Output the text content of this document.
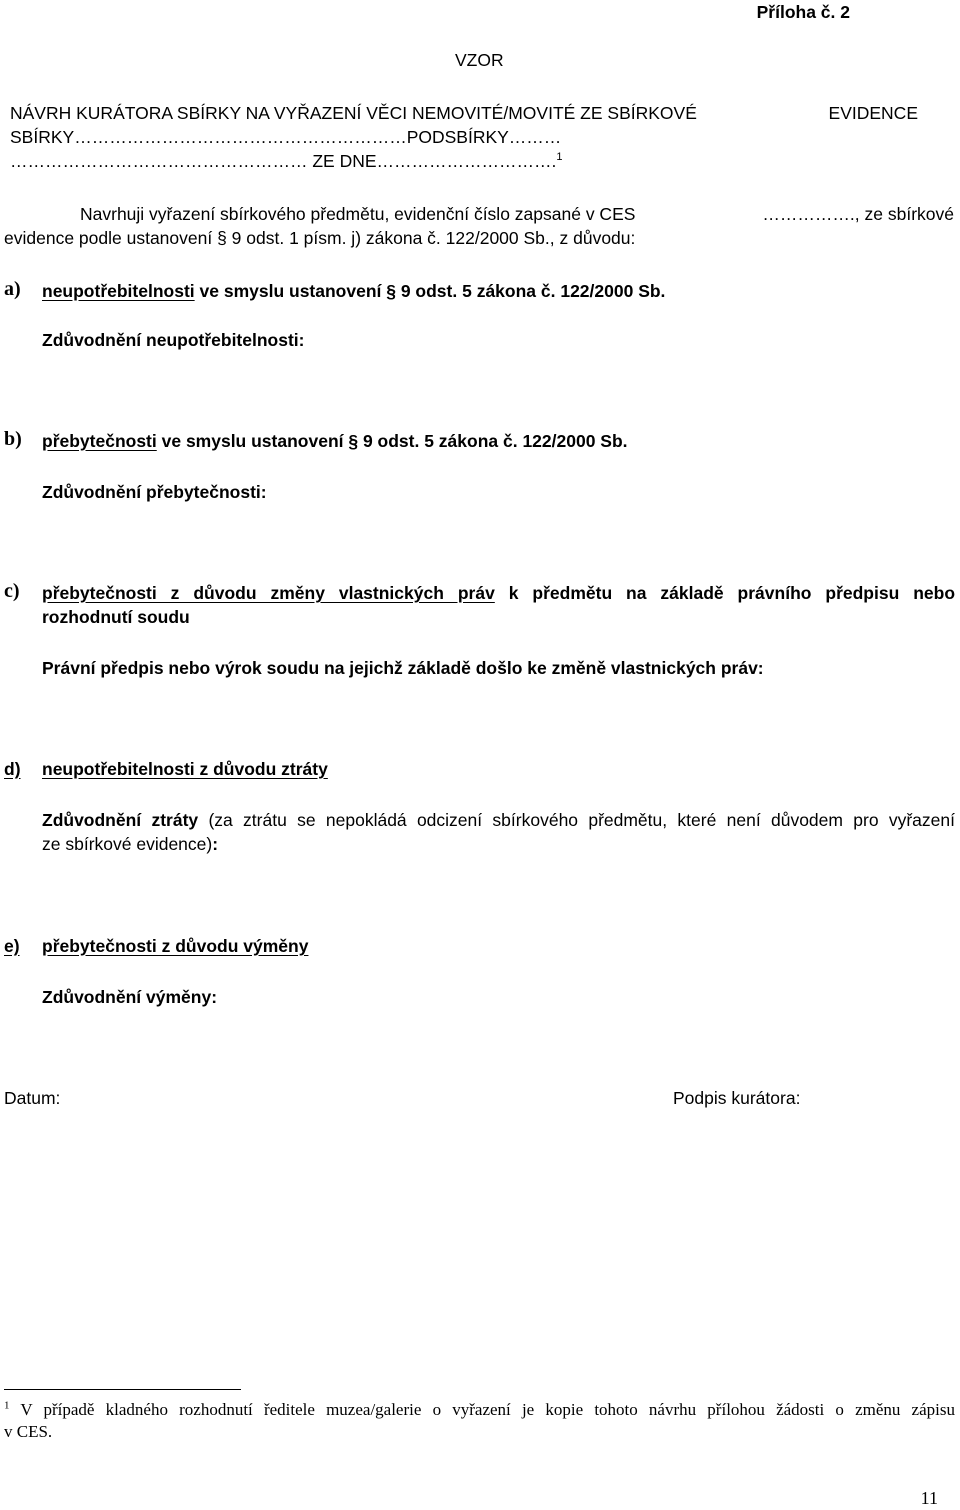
Příloha č. 2
VZOR
NÁVRH KURÁTORA SBÍRKY NA VYŘAZENÍ VĚCI NEMOVITÉ/MOVITÉ ZE SBÍRKOVÉ	EVIDENCE
SBÍRKY…………………………………………………PODSBÍRKY………
…………………………………………… ZE DNE………………………….$^1$
Navrhuji vyřazení sbírkového předmětu, evidenční číslo zapsané v CES	……………., ze sbírkové
evidence podle ustanovení § 9 odst. 1 písm. j) zákona č. 122/2000 Sb., z důvodu:
a) neupotřebitelnosti ve smyslu ustanovení § 9 odst. 5 zákona č. 122/2000 Sb.
Zdůvodnění neupotřebitelnosti:
b) přebytečnosti ve smyslu ustanovení § 9 odst. 5 zákona č. 122/2000 Sb.
Zdůvodnění přebytečnosti:
c) přebytečnosti z důvodu změny vlastnických práv k předmětu na základě právního předpisu nebo
rozhodnutí soudu
Právní předpis nebo výrok soudu na jejichž základě došlo ke změně vlastnických práv:
d) neupotřebitelnosti z důvodu ztráty
Zdůvodnění ztráty (za ztrátu se nepokládá odcizení sbírkového předmětu, které není důvodem pro vyřazení
ze sbírkové evidence):
e) přebytečnosti z důvodu výměny
Zdůvodnění výměny:
Datum:	Podpis kurátora:
$^1$ V případě kladného rozhodnutí ředitele muzea/galerie o vyřazení je kopie tohoto návrhu přílohou žádosti o změnu zápisu
v CES.
11
